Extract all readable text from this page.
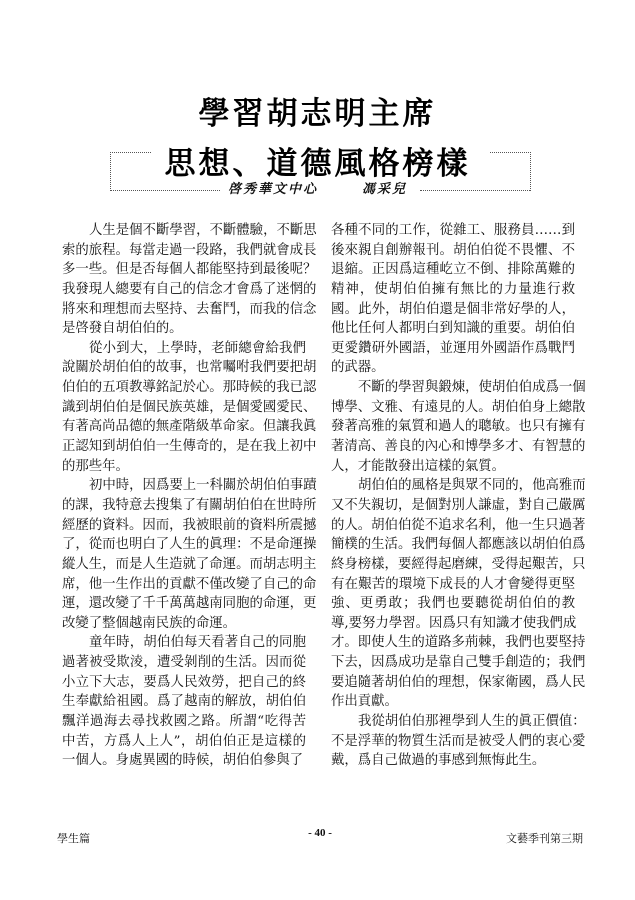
學習胡志明主席
思想、道德風格榜樣
啓秀華文中心	馮采兒
人生是個不斷學習，不斷體驗，不斷思
索的旅程。每當走過一段路，我們就會成長
多一些。但是否每個人都能堅持到最後呢？
我發現人總要有自己的信念才會爲了迷惘的
將來和理想而去堅持、去奮鬥，而我的信念
是啓發自胡伯伯的。
從小到大，上學時，老師總會給我們
說關於胡伯伯的故事，也常囑咐我們要把胡
伯伯的五項教導銘記於心。那時候的我已認
識到胡伯伯是個民族英雄，是個愛國愛民、
有著高尚品德的無產階級革命家。但讓我眞
正認知到胡伯伯一生傳奇的，是在我上初中
的那些年。
初中時，因爲要上一科關於胡伯伯事蹟
的課，我特意去搜集了有關胡伯伯在世時所
經歷的資料。因而，我被眼前的資料所震撼
了，從而也明白了人生的眞理：不是命運操
縱人生，而是人生造就了命運。而胡志明主
席，他一生作出的貢獻不僅改變了自己的命
運，還改變了千千萬萬越南同胞的命運，更
改變了整個越南民族的命運。
童年時，胡伯伯每天看著自己的同胞
過著被受欺淩，遭受剝削的生活。因而從
小立下大志，要爲人民效勞，把自己的終
生奉獻給祖國。爲了越南的解放，胡伯伯
飄洋過海去尋找救國之路。所謂“吃得苦
中苦，方爲人上人”，胡伯伯正是這樣的
一個人。身處異國的時候，胡伯伯參與了
各種不同的工作，從雜工、服務員……到
後來親自創辦報刊。胡伯伯從不畏懼、不
退縮。正因爲這種屹立不倒、排除萬難的
精神，使胡伯伯擁有無比的力量進行救
國。此外，胡伯伯還是個非常好學的人，
他比任何人都明白到知識的重要。胡伯伯
更愛鑽研外國語，並運用外國語作爲戰鬥
的武器。
不斷的學習與鍛煉，使胡伯伯成爲一個
博學、文雅、有遠見的人。胡伯伯身上總散
發著高雅的氣質和過人的聰敏。也只有擁有
著清高、善良的內心和博學多才、有智慧的
人，才能散發出這樣的氣質。
胡伯伯的風格是與眾不同的，他高雅而
又不失親切，是個對別人謙虛，對自己嚴厲
的人。胡伯伯從不追求名利，他一生只過著
簡樸的生活。我們每個人都應該以胡伯伯爲
終身榜樣，要經得起磨練，受得起艱苦，只
有在艱苦的環境下成長的人才會變得更堅
強、更勇敢；我們也要聽從胡伯伯的教
導,要努力學習。因爲只有知識才使我們成
才。即使人生的道路多荊棘，我們也要堅持
下去，因爲成功是靠自己雙手創造的；我們
要追隨著胡伯伯的理想，保家衛國，爲人民
作出貢獻。
我從胡伯伯那裡學到人生的眞正價值：
不是浮華的物質生活而是被受人們的衷心愛
戴，爲自己做過的事感到無悔此生。
學生篇	- 40 -	文藝季刊第三期
